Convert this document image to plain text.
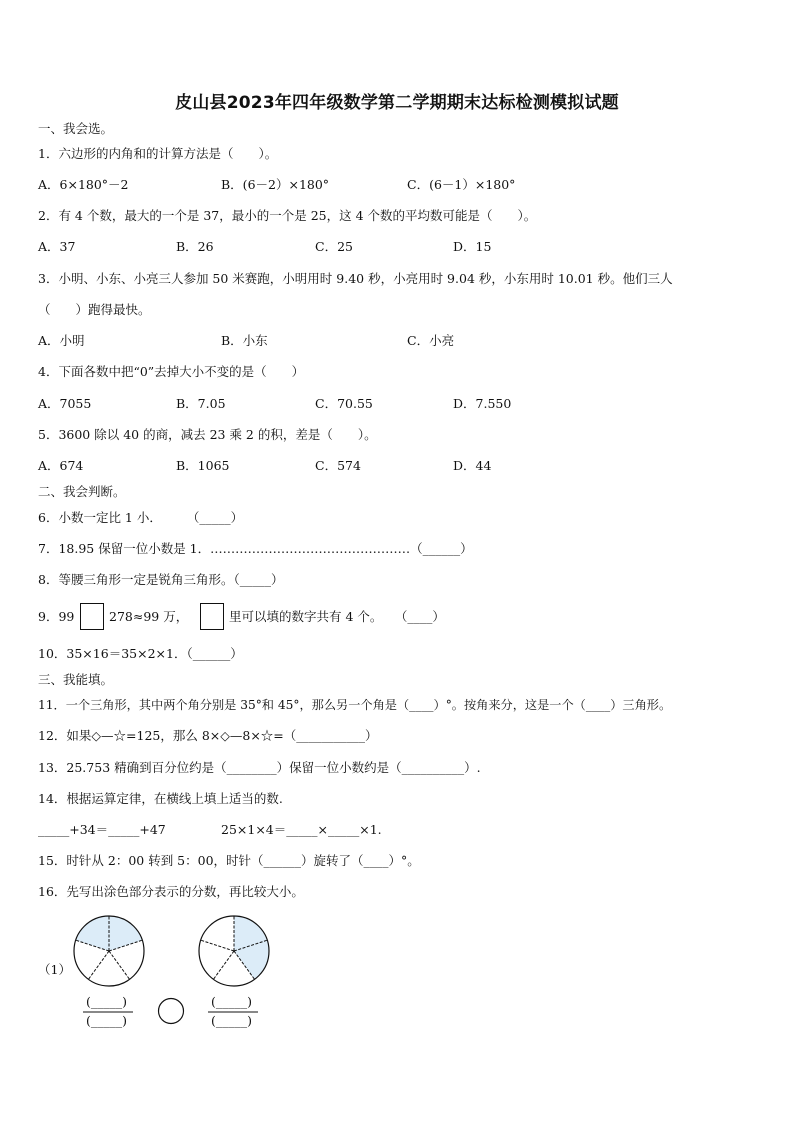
皮山县2023年四年级数学第二学期期末达标检测模拟试题
一、我会选。
1．六边形的内角和的计算方法是（　　）。
A．6×180°－2	B．(6－2）×180°	C．(6－1）×180°
2．有 4 个数，最大的一个是 37，最小的一个是 25，这 4 个数的平均数可能是（　　）。
A．37	B．26	C．25	D．15
3．小明、小东、小亮三人参加 50 米赛跑，小明用时 9.40 秒，小亮用时 9.04 秒，小东用时 10.01 秒。他们三人
（　　）跑得最快。
A．小明	B．小东	C．小亮
4．下面各数中把“0”去掉大小不变的是（　　）
A．7055	B．7.05	C．70.55	D．7.550
5．3600 除以 40 的商，减去 23 乘 2 的积，差是（　　）。
A．674	B．1065	C．574	D．44
二、我会判断。
6．小数一定比 1 小．　　　（_____）
7．18.95 保留一位小数是 1．…………………………………………（______）
8．等腰三角形一定是锐角三角形。（_____）
9．99	278≈99 万，	里可以填的数字共有 4 个。　　（____）
10．35×16＝35×2×1．（______）
三、我能填。
11．一个三角形，其中两个角分别是 35°和 45°，那么另一个角是（____）°。按角来分，这是一个（____）三角形。
12．如果◇—☆=125，那么 8×◇—8×☆=（___________）
13．25.753 精确到百分位约是（________）保留一位小数约是（__________）.
14．根据运算定律，在横线上填上适当的数.
_____+34＝_____+47	25×1×4＝_____×_____×1.
15．时针从 2：00 转到 5：00，时针（______）旋转了（____）°。
16．先写出涂色部分表示的分数，再比较大小。
（1）
(_____)
(_____)
(_____)
(_____)
